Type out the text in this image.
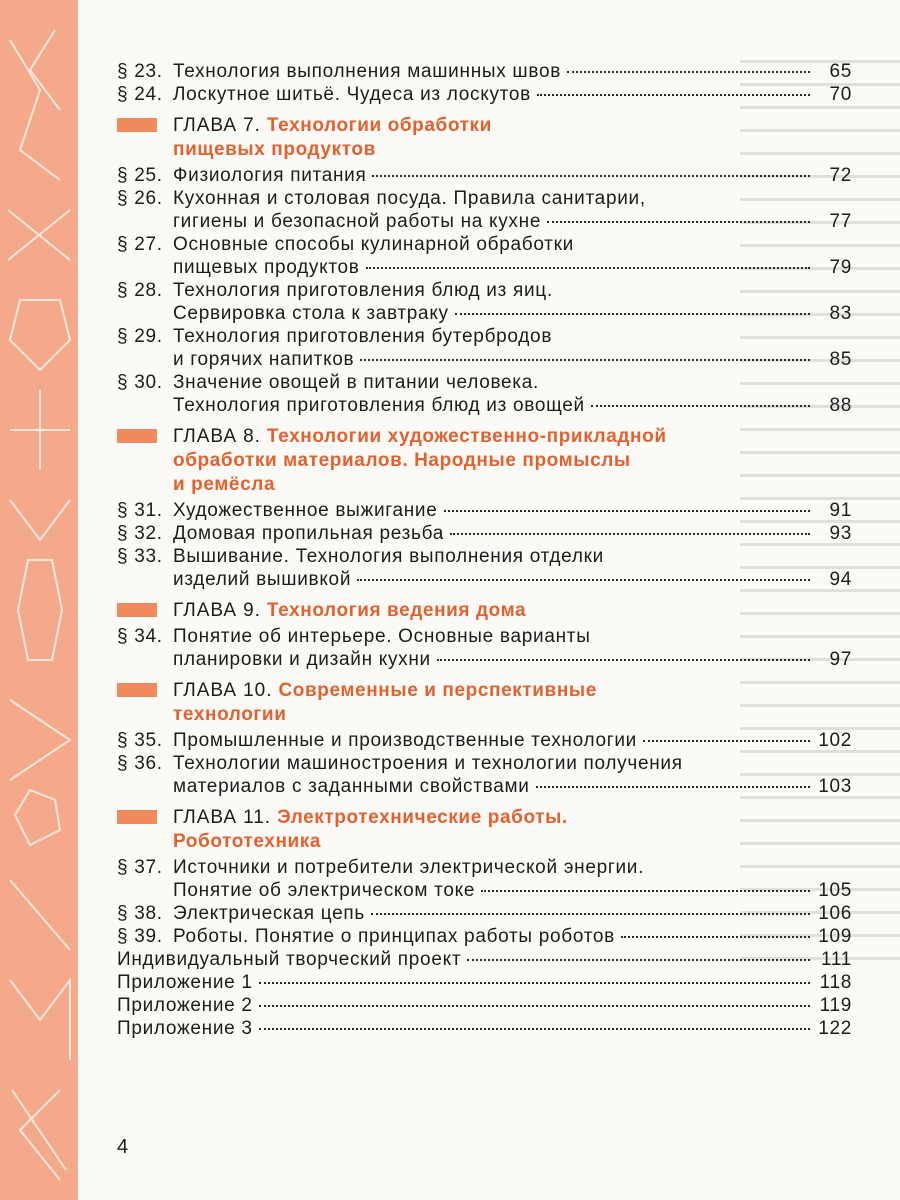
§ 23. Технология выполнения машинных швов	65
§ 24. Лоскутное шитьё. Чудеса из лоскутов	70
ГЛАВА 7. Технологии обработки
пищевых продуктов
§ 25. Физиология питания	72
§ 26. Кухонная и столовая посуда. Правила санитарии,
гигиены и безопасной работы на кухне	77
§ 27. Основные способы кулинарной обработки
пищевых продуктов	79
§ 28. Технология приготовления блюд из яиц.
Сервировка стола к завтраку	83
§ 29. Технология приготовления бутербродов
и горячих напитков	85
§ 30. Значение овощей в питании человека.
Технология приготовления блюд из овощей	88
ГЛАВА 8. Технологии художественно-прикладной
обработки материалов. Народные промыслы
и ремёсла
§ 31. Художественное выжигание	91
§ 32. Домовая пропильная резьба	93
§ 33. Вышивание. Технология выполнения отделки
изделий вышивкой	94
ГЛАВА 9. Технология ведения дома
§ 34. Понятие об интерьере. Основные варианты
планировки и дизайн кухни	97
ГЛАВА 10. Современные и перспективные
технологии
§ 35. Промышленные и производственные технологии	102
§ 36. Технологии машиностроения и технологии получения
материалов с заданными свойствами	103
ГЛАВА 11. Электротехнические работы.
Робототехника
§ 37. Источники и потребители электрической энергии.
Понятие об электрическом токе	105
§ 38. Электрическая цепь	106
§ 39. Роботы. Понятие о принципах работы роботов	109
Индивидуальный творческий проект	111
Приложение 1	118
Приложение 2	119
Приложение 3	122
4
